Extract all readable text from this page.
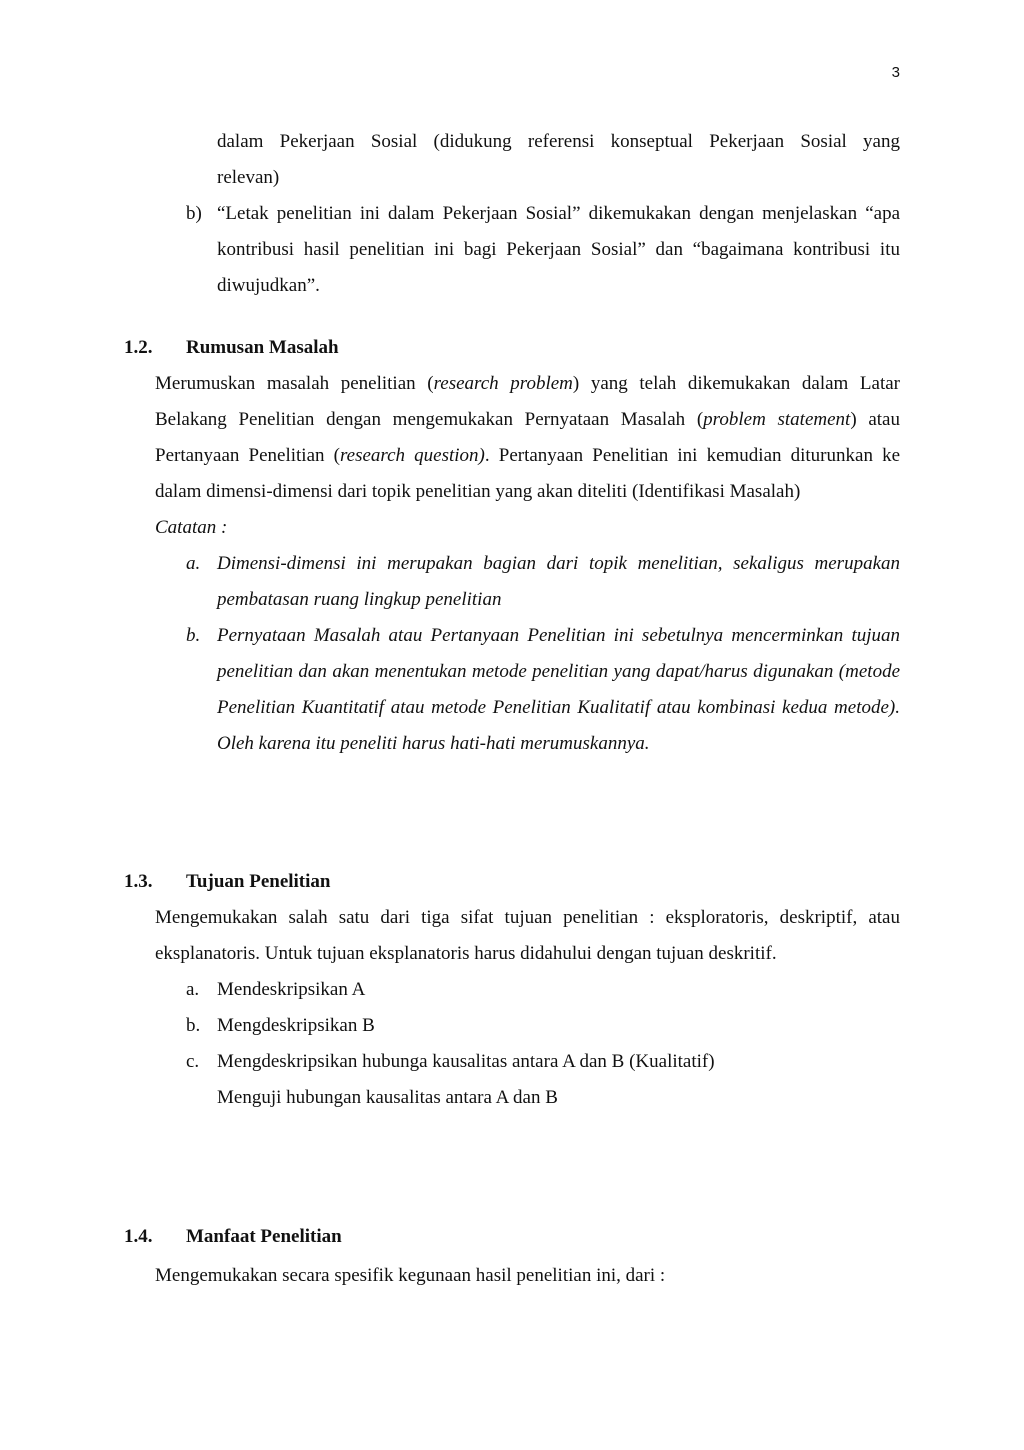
3

dalam Pekerjaan Sosial (didukung referensi konseptual Pekerjaan Sosial yang

relevan)

b) “Letak penelitian ini dalam Pekerjaan Sosial” dikemukakan dengan menjelaskan “apa kontribusi hasil penelitian ini bagi Pekerjaan Sosial” dan “bagaimana kontribusi itu diwujudkan”.
1.2. Rumusan Masalah

Merumuskan masalah penelitian (research problem) yang telah dikemukakan dalam Latar Belakang Penelitian dengan mengemukakan Pernyataan Masalah (problem statement) atau Pertanyaan Penelitian (research question). Pertanyaan Penelitian ini kemudian diturunkan ke dalam dimensi-dimensi dari topik penelitian yang akan diteliti (Identifikasi Masalah)

Catatan :

a. Dimensi-dimensi ini merupakan bagian dari topik menelitian, sekaligus merupakan pembatasan ruang lingkup penelitian
b. Pernyataan Masalah atau Pertanyaan Penelitian ini sebetulnya mencerminkan tujuan penelitian dan akan menentukan metode penelitian yang dapat/harus digunakan (metode Penelitian Kuantitatif atau metode Penelitian Kualitatif atau kombinasi kedua metode). Oleh karena itu peneliti harus hati-hati merumuskannya.
1.3. Tujuan Penelitian

Mengemukakan salah satu dari tiga sifat tujuan penelitian : eksploratoris, deskriptif, atau eksplanatoris. Untuk tujuan eksplanatoris harus didahului dengan tujuan deskritif.

a. Mendeskripsikan A
b. Mengdeskripsikan B
c. Mengdeskripsikan hubunga kausalitas antara A dan B (Kualitatif)

Menguji hubungan kausalitas antara A dan B

1.4. Manfaat Penelitian

Mengemukakan secara spesifik kegunaan hasil penelitian ini, dari :
